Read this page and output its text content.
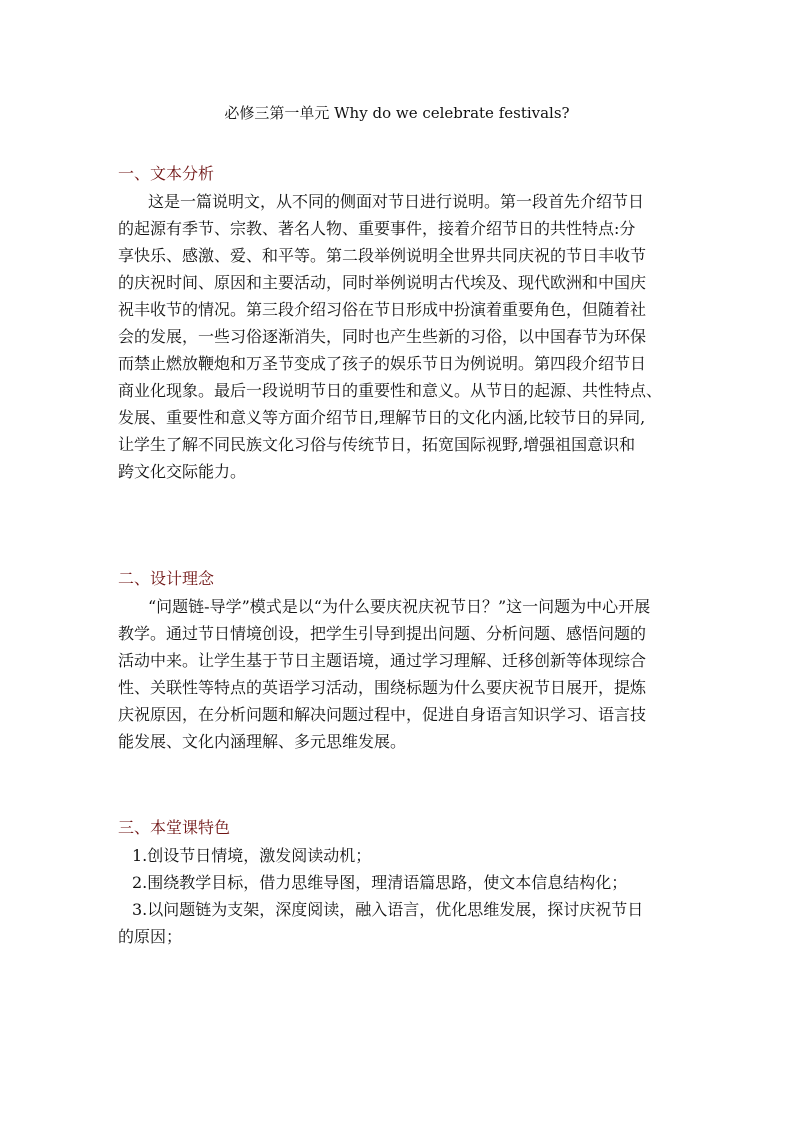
必修三第一单元 Why do we celebrate festivals?
一、文本分析
这是一篇说明文，从不同的侧面对节日进行说明。第一段首先介绍节日
的起源有季节、宗教、著名人物、重要事件，接着介绍节日的共性特点:分
享快乐、感激、爱、和平等。第二段举例说明全世界共同庆祝的节日丰收节
的庆祝时间、原因和主要活动，同时举例说明古代埃及、现代欧洲和中国庆
祝丰收节的情况。第三段介绍习俗在节日形成中扮演着重要角色，但随着社
会的发展，一些习俗逐渐消失，同时也产生些新的习俗，以中国春节为环保
而禁止燃放鞭炮和万圣节变成了孩子的娱乐节日为例说明。第四段介绍节日
商业化现象。最后一段说明节日的重要性和意义。从节日的起源、共性特点、
发展、重要性和意义等方面介绍节日,理解节日的文化内涵,比较节日的异同,
让学生了解不同民族文化习俗与传统节日，拓宽国际视野,增强祖国意识和
跨文化交际能力。
二、设计理念
“问题链-导学”模式是以“为什么要庆祝庆祝节日？”这一问题为中心开展
教学。通过节日情境创设，把学生引导到提出问题、分析问题、感悟问题的
活动中来。让学生基于节日主题语境，通过学习理解、迁移创新等体现综合
性、关联性等特点的英语学习活动，围绕标题为什么要庆祝节日展开，提炼
庆祝原因，在分析问题和解决问题过程中，促进自身语言知识学习、语言技
能发展、文化内涵理解、多元思维发展。
三、本堂课特色
1.创设节日情境，激发阅读动机；
2.围绕教学目标，借力思维导图，理清语篇思路，使文本信息结构化；
3.以问题链为支架，深度阅读，融入语言，优化思维发展，探讨庆祝节日
的原因；
